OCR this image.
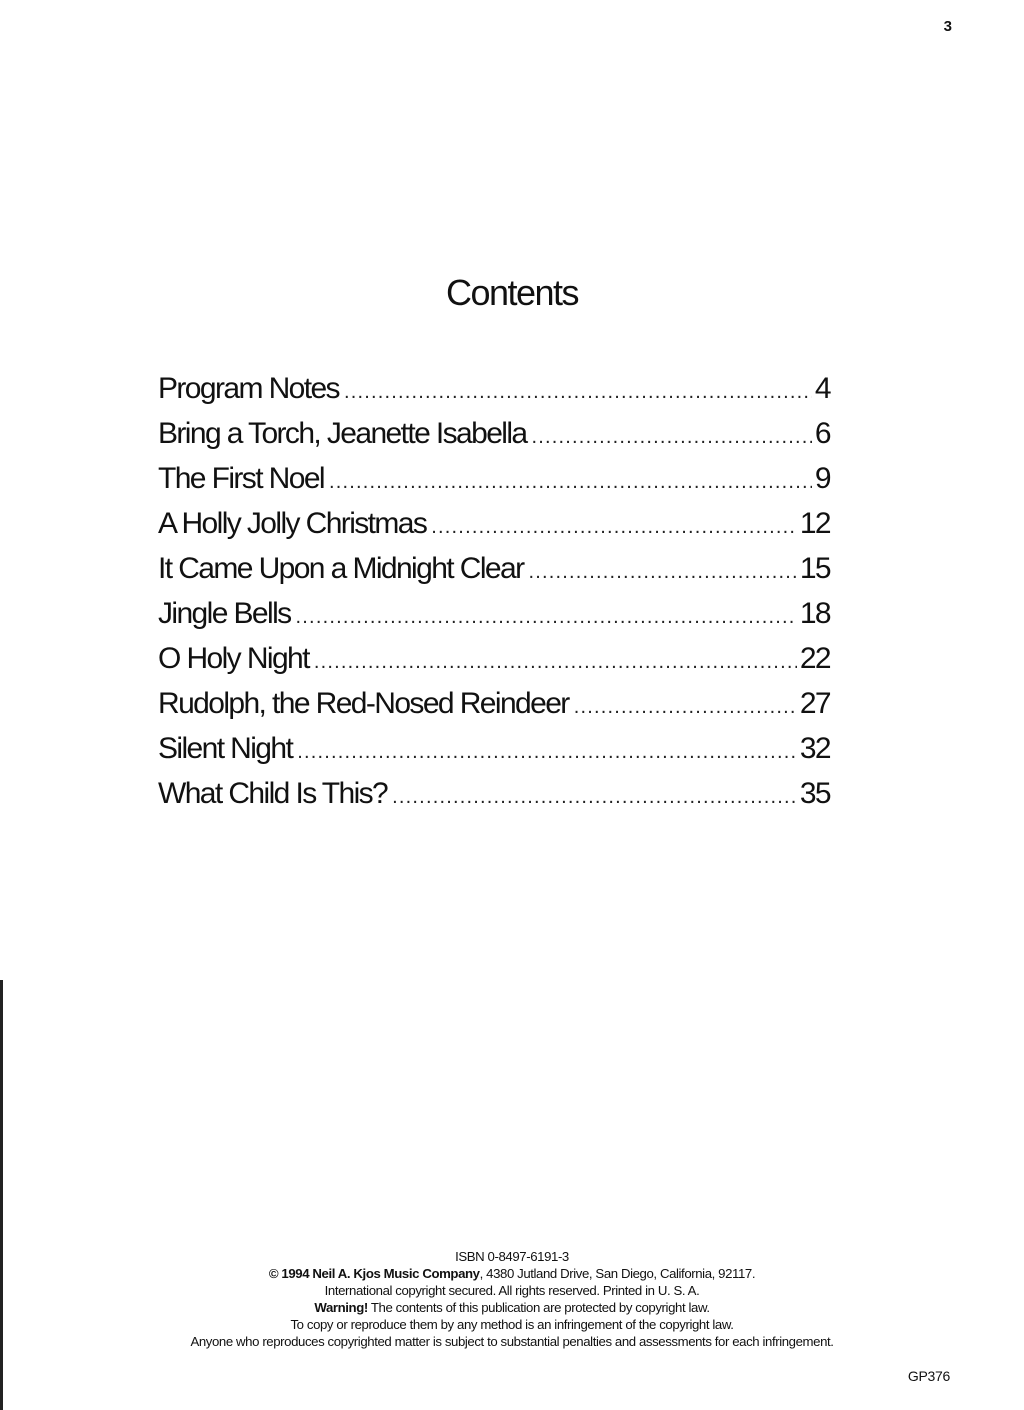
3
Contents
Program Notes .....	4
Bring a Torch, Jeanette Isabella .....	6
The First Noel .....	9
A Holly Jolly Christmas .....	12
It Came Upon a Midnight Clear .....	15
Jingle Bells .....	18
O Holy Night .....	22
Rudolph, the Red-Nosed Reindeer .....	27
Silent Night .....	32
What Child Is This? .....	35
ISBN 0-8497-6191-3
© 1994 Neil A. Kjos Music Company, 4380 Jutland Drive, San Diego, California, 92117.
International copyright secured. All rights reserved. Printed in U. S. A.
Warning! The contents of this publication are protected by copyright law.
To copy or reproduce them by any method is an infringement of the copyright law.
Anyone who reproduces copyrighted matter is subject to substantial penalties and assessments for each infringement.
GP376
